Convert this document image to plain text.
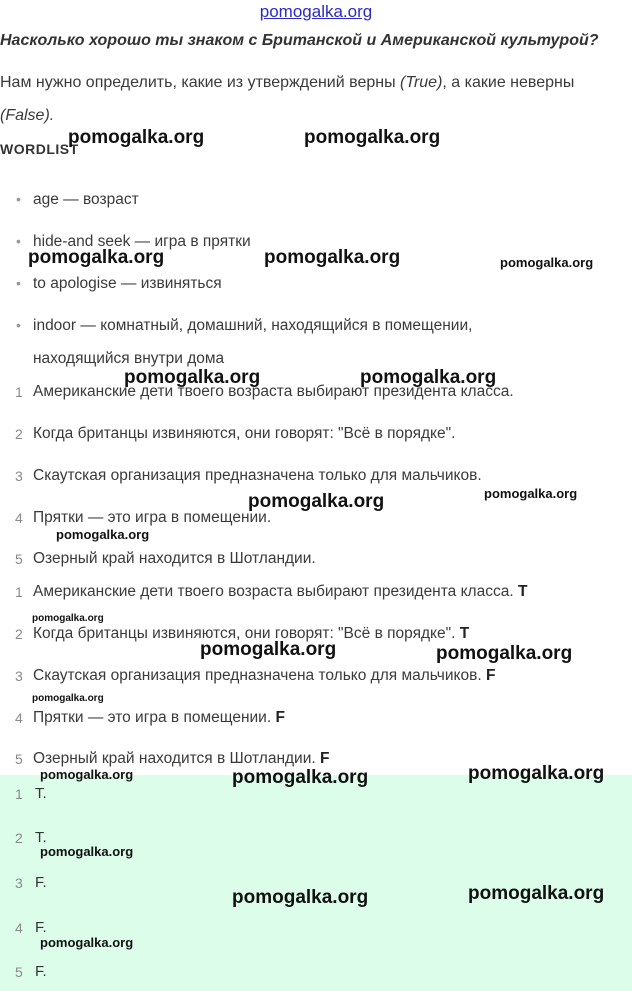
pomogalka.org
Насколько хорошо ты знаком с Британской и Американской культурой?
Нам нужно определить, какие из утверждений верны (True), а какие неверны
(False).
WORDLIST
• age — возраст
• hide-and seek — игра в прятки
• to apologise — извиняться
• indoor — комнатный, домашний, находящийся в помещении,
находящийся внутри дома
1 Американские дети твоего возраста выбирают президента класса.
2 Когда британцы извиняются, они говорят: "Всё в порядке".
3 Скаутская организация предназначена только для мальчиков.
4 Прятки — это игра в помещении.
5 Озерный край находится в Шотландии.
1 Американские дети твоего возраста выбирают президента класса. T
2 Когда британцы извиняются, они говорят: "Всё в порядке". T
3 Скаутская организация предназначена только для мальчиков. F
4 Прятки — это игра в помещении. F
5 Озерный край находится в Шотландии. F
1 T.
2 T.
3 F.
4 F.
5 F.
pomogalka.org	pomogalka.org
pomogalka.org	pomogalka.org	pomogalka.org
pomogalka.org	pomogalka.org
pomogalka.org	pomogalka.org
pomogalka.org
pomogalka.org
pomogalka.org	pomogalka.org
pomogalka.org
pomogalka.org	pomogalka.org	pomogalka.org
pomogalka.org
pomogalka.org	pomogalka.org
pomogalka.org
